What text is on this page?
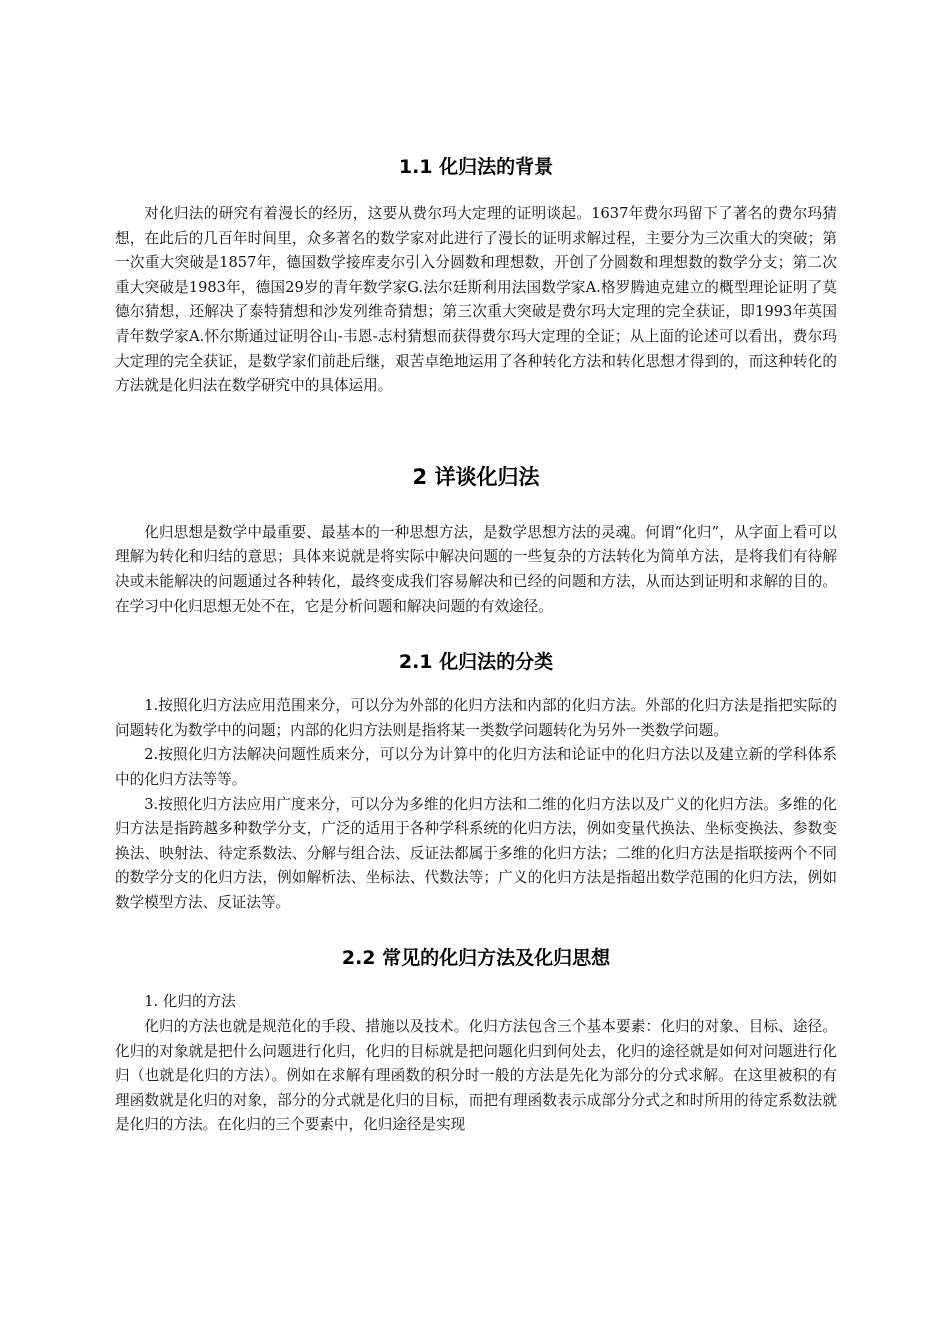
1.1 化归法的背景

对化归法的研究有着漫长的经历，这要从费尔玛大定理的证明谈起。1637年费尔玛留下了著名的费尔玛猜想，在此后的几百年时间里，众多著名的数学家对此进行了漫长的证明求解过程，主要分为三次重大的突破；第一次重大突破是1857年，德国数学接库麦尔引入分圆数和理想数，开创了分圆数和理想数的数学分支；第二次重大突破是1983年，德国29岁的青年数学家G.法尔廷斯利用法国数学家A.格罗腾迪克建立的概型理论证明了莫德尔猜想，还解决了泰特猜想和沙发列维奇猜想；第三次重大突破是费尔玛大定理的完全获证，即1993年英国青年数学家A.怀尔斯通过证明谷山-韦恩-志村猜想而获得费尔玛大定理的全证；从上面的论述可以看出，费尔玛大定理的完全获证，是数学家们前赴后继，艰苦卓绝地运用了各种转化方法和转化思想才得到的，而这种转化的方法就是化归法在数学研究中的具体运用。

2 详谈化归法

化归思想是数学中最重要、最基本的一种思想方法，是数学思想方法的灵魂。何谓“化归”，从字面上看可以理解为转化和归结的意思；具体来说就是将实际中解决问题的一些复杂的方法转化为简单方法，是将我们有待解决或未能解决的问题通过各种转化，最终变成我们容易解决和已经的问题和方法，从而达到证明和求解的目的。在学习中化归思想无处不在，它是分析问题和解决问题的有效途径。

2.1 化归法的分类

1.按照化归方法应用范围来分，可以分为外部的化归方法和内部的化归方法。外部的化归方法是指把实际的问题转化为数学中的问题；内部的化归方法则是指将某一类数学问题转化为另外一类数学问题。

2.按照化归方法解决问题性质来分，可以分为计算中的化归方法和论证中的化归方法以及建立新的学科体系中的化归方法等等。

3.按照化归方法应用广度来分，可以分为多维的化归方法和二维的化归方法以及广义的化归方法。多维的化归方法是指跨越多种数学分支，广泛的适用于各种学科系统的化归方法，例如变量代换法、坐标变换法、参数变换法、映射法、待定系数法、分解与组合法、反证法都属于多维的化归方法；二维的化归方法是指联接两个不同的数学分支的化归方法，例如解析法、坐标法、代数法等；广义的化归方法是指超出数学范围的化归方法，例如数学模型方法、反证法等。

2.2 常见的化归方法及化归思想

1. 化归的方法

化归的方法也就是规范化的手段、措施以及技术。化归方法包含三个基本要素：化归的对象、目标、途径。化归的对象就是把什么问题进行化归，化归的目标就是把问题化归到何处去，化归的途径就是如何对问题进行化归（也就是化归的方法）。例如在求解有理函数的积分时一般的方法是先化为部分的分式求解。在这里被积的有理函数就是化归的对象，部分的分式就是化归的目标，而把有理函数表示成部分分式之和时所用的待定系数法就是化归的方法。在化归的三个要素中，化归途径是实现
